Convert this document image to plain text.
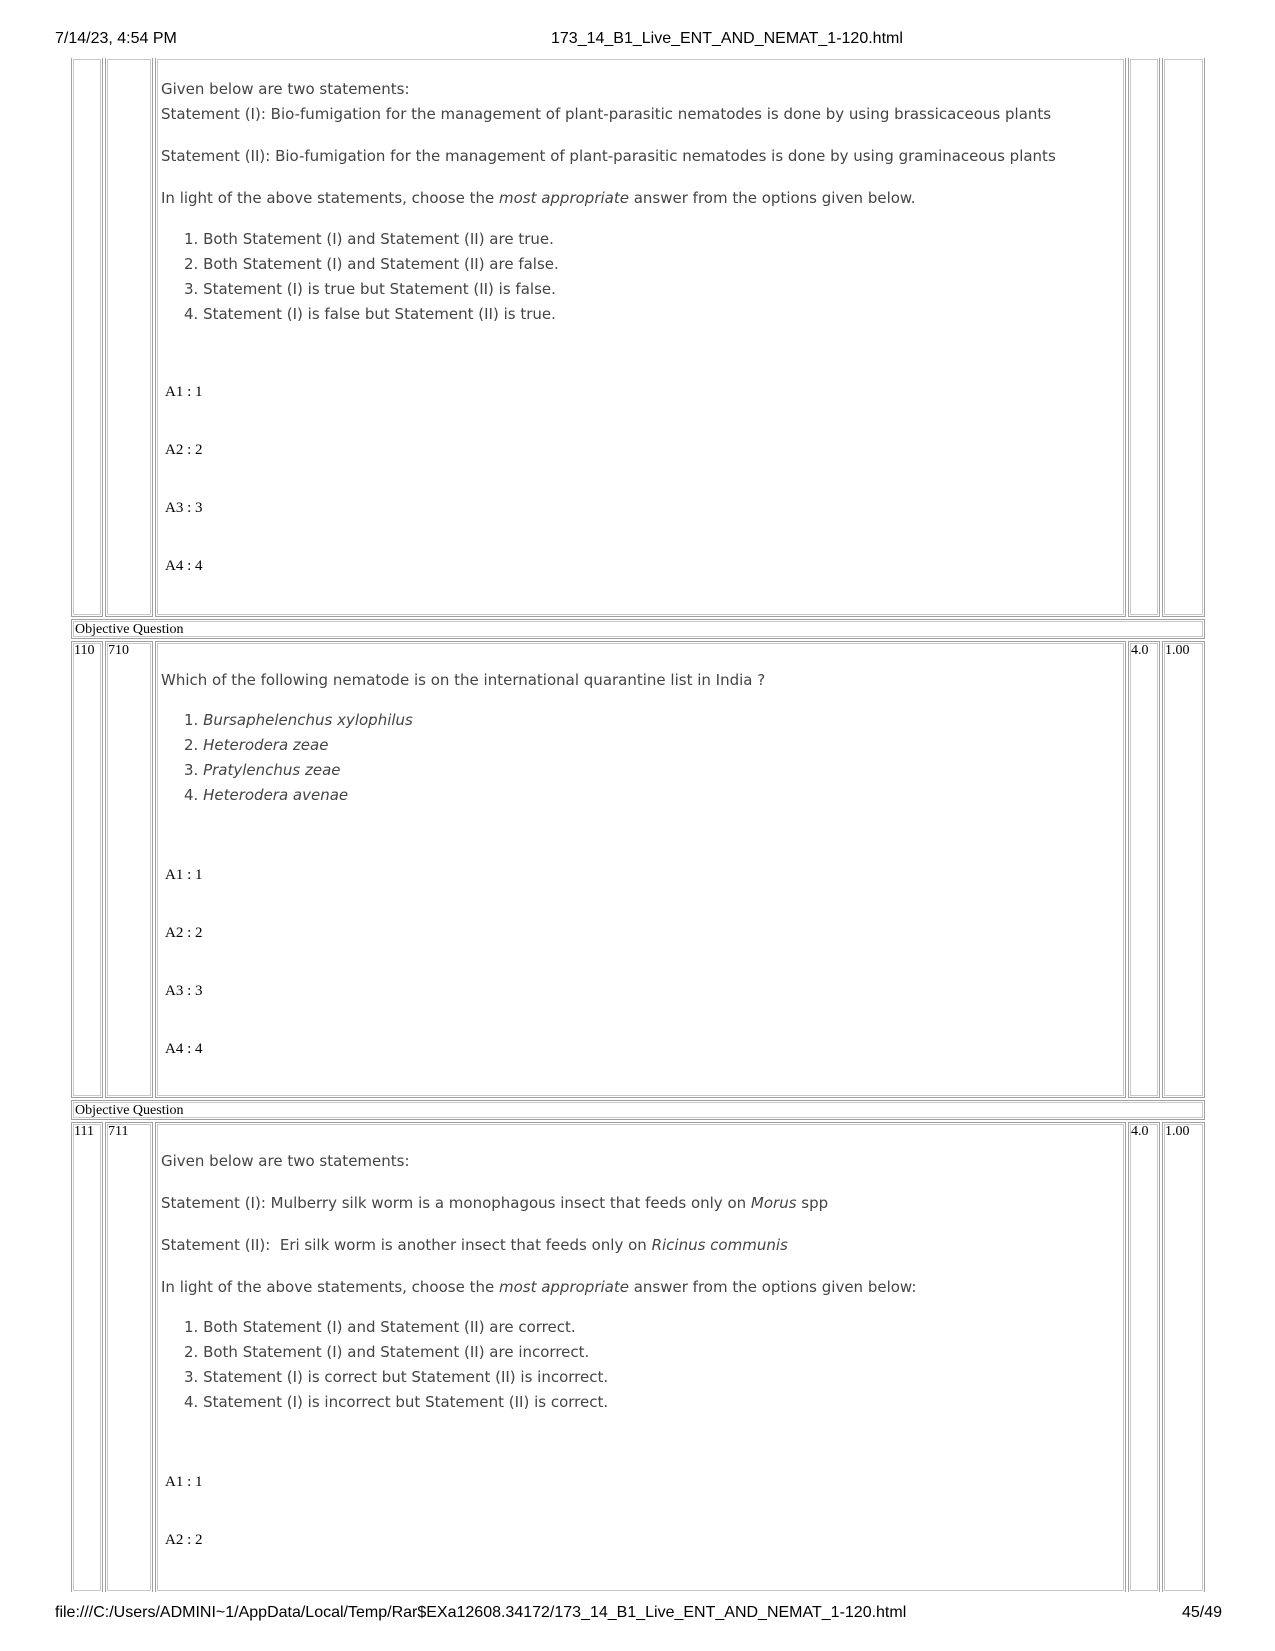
7/14/23, 4:54 PM	173_14_B1_Live_ENT_AND_NEMAT_1-120.html

Given below are two statements:

Statement (I): Bio-fumigation for the management of plant-parasitic nematodes is done by using brassicaceous plants

Statement (II): Bio-fumigation for the management of plant-parasitic nematodes is done by using graminaceous plants

In light of the above statements, choose the most appropriate answer from the options given below.

1. Both Statement (I) and Statement (II) are true.
2. Both Statement (I) and Statement (II) are false.
3. Statement (I) is true but Statement (II) is false.
4. Statement (I) is false but Statement (II) is true.
A1 : 1
A2 : 2
A3 : 3
A4 : 4
Objective Question
110 710	4.0 1.00

Which of the following nematode is on the international quarantine list in India ?

1. Bursaphelenchus xylophilus
2. Heterodera zeae
3. Pratylenchus zeae
4. Heterodera avenae
A1 : 1
A2 : 2
A3 : 3
A4 : 4
Objective Question
111 711	4.0 1.00

Given below are two statements:

Statement (I): Mulberry silk worm is a monophagous insect that feeds only on Morus spp

Statement (II):  Eri silk worm is another insect that feeds only on Ricinus communis

In light of the above statements, choose the most appropriate answer from the options given below:

1. Both Statement (I) and Statement (II) are correct.
2. Both Statement (I) and Statement (II) are incorrect.
3. Statement (I) is correct but Statement (II) is incorrect.
4. Statement (I) is incorrect but Statement (II) is correct.
A1 : 1
A2 : 2
file:///C:/Users/ADMINI~1/AppData/Local/Temp/Rar$EXa12608.34172/173_14_B1_Live_ENT_AND_NEMAT_1-120.html	45/49
